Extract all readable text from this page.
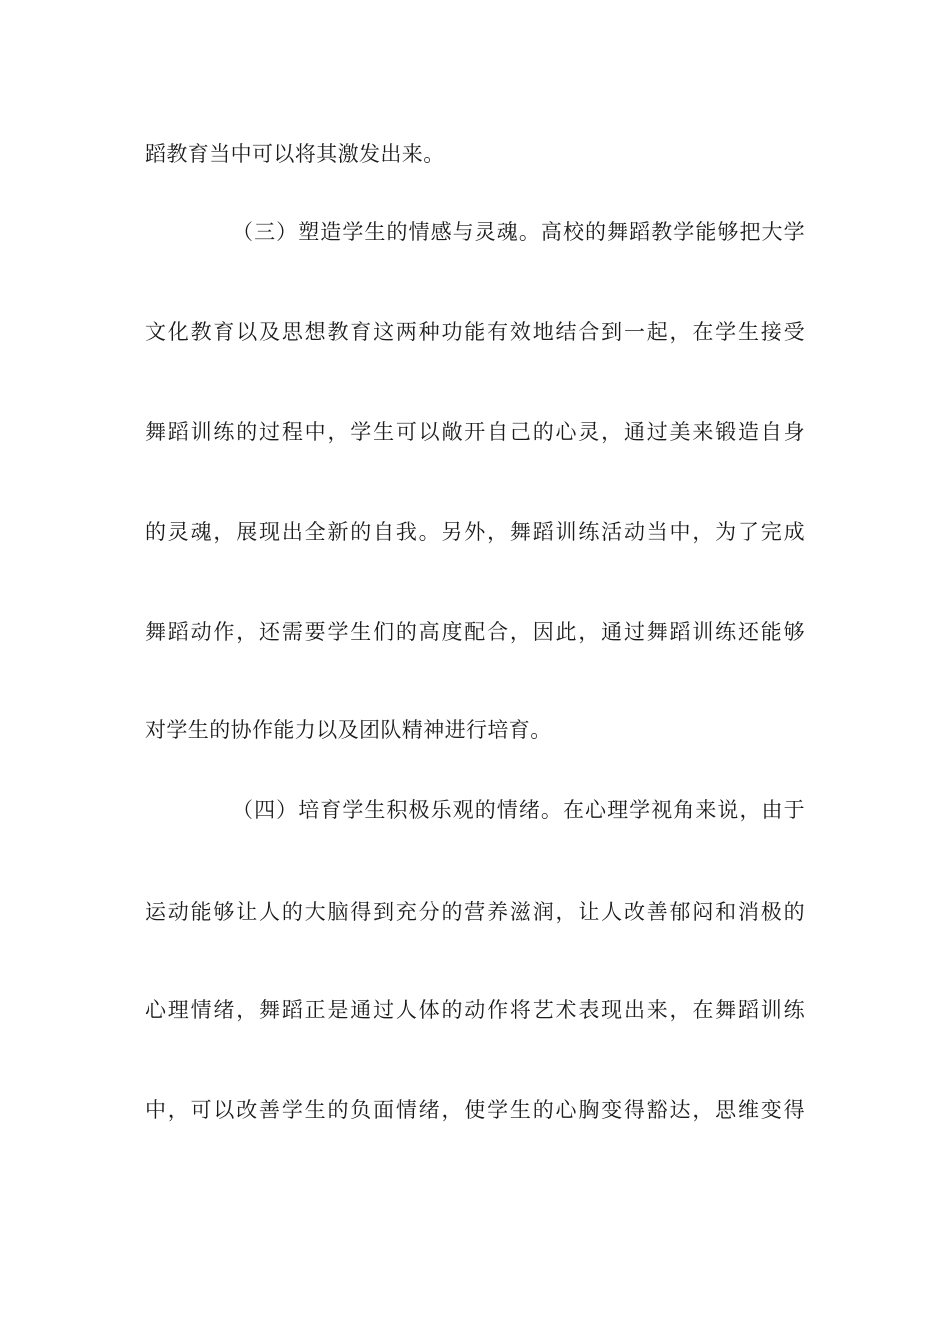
蹈教育当中可以将其激发出来。
（三）塑造学生的情感与灵魂。高校的舞蹈教学能够把大学
文化教育以及思想教育这两种功能有效地结合到一起，在学生接受
舞蹈训练的过程中，学生可以敞开自己的心灵，通过美来锻造自身
的灵魂，展现出全新的自我。另外，舞蹈训练活动当中，为了完成
舞蹈动作，还需要学生们的高度配合，因此，通过舞蹈训练还能够
对学生的协作能力以及团队精神进行培育。
（四）培育学生积极乐观的情绪。在心理学视角来说，由于
运动能够让人的大脑得到充分的营养滋润，让人改善郁闷和消极的
心理情绪，舞蹈正是通过人体的动作将艺术表现出来，在舞蹈训练
中，可以改善学生的负面情绪，使学生的心胸变得豁达，思维变得
